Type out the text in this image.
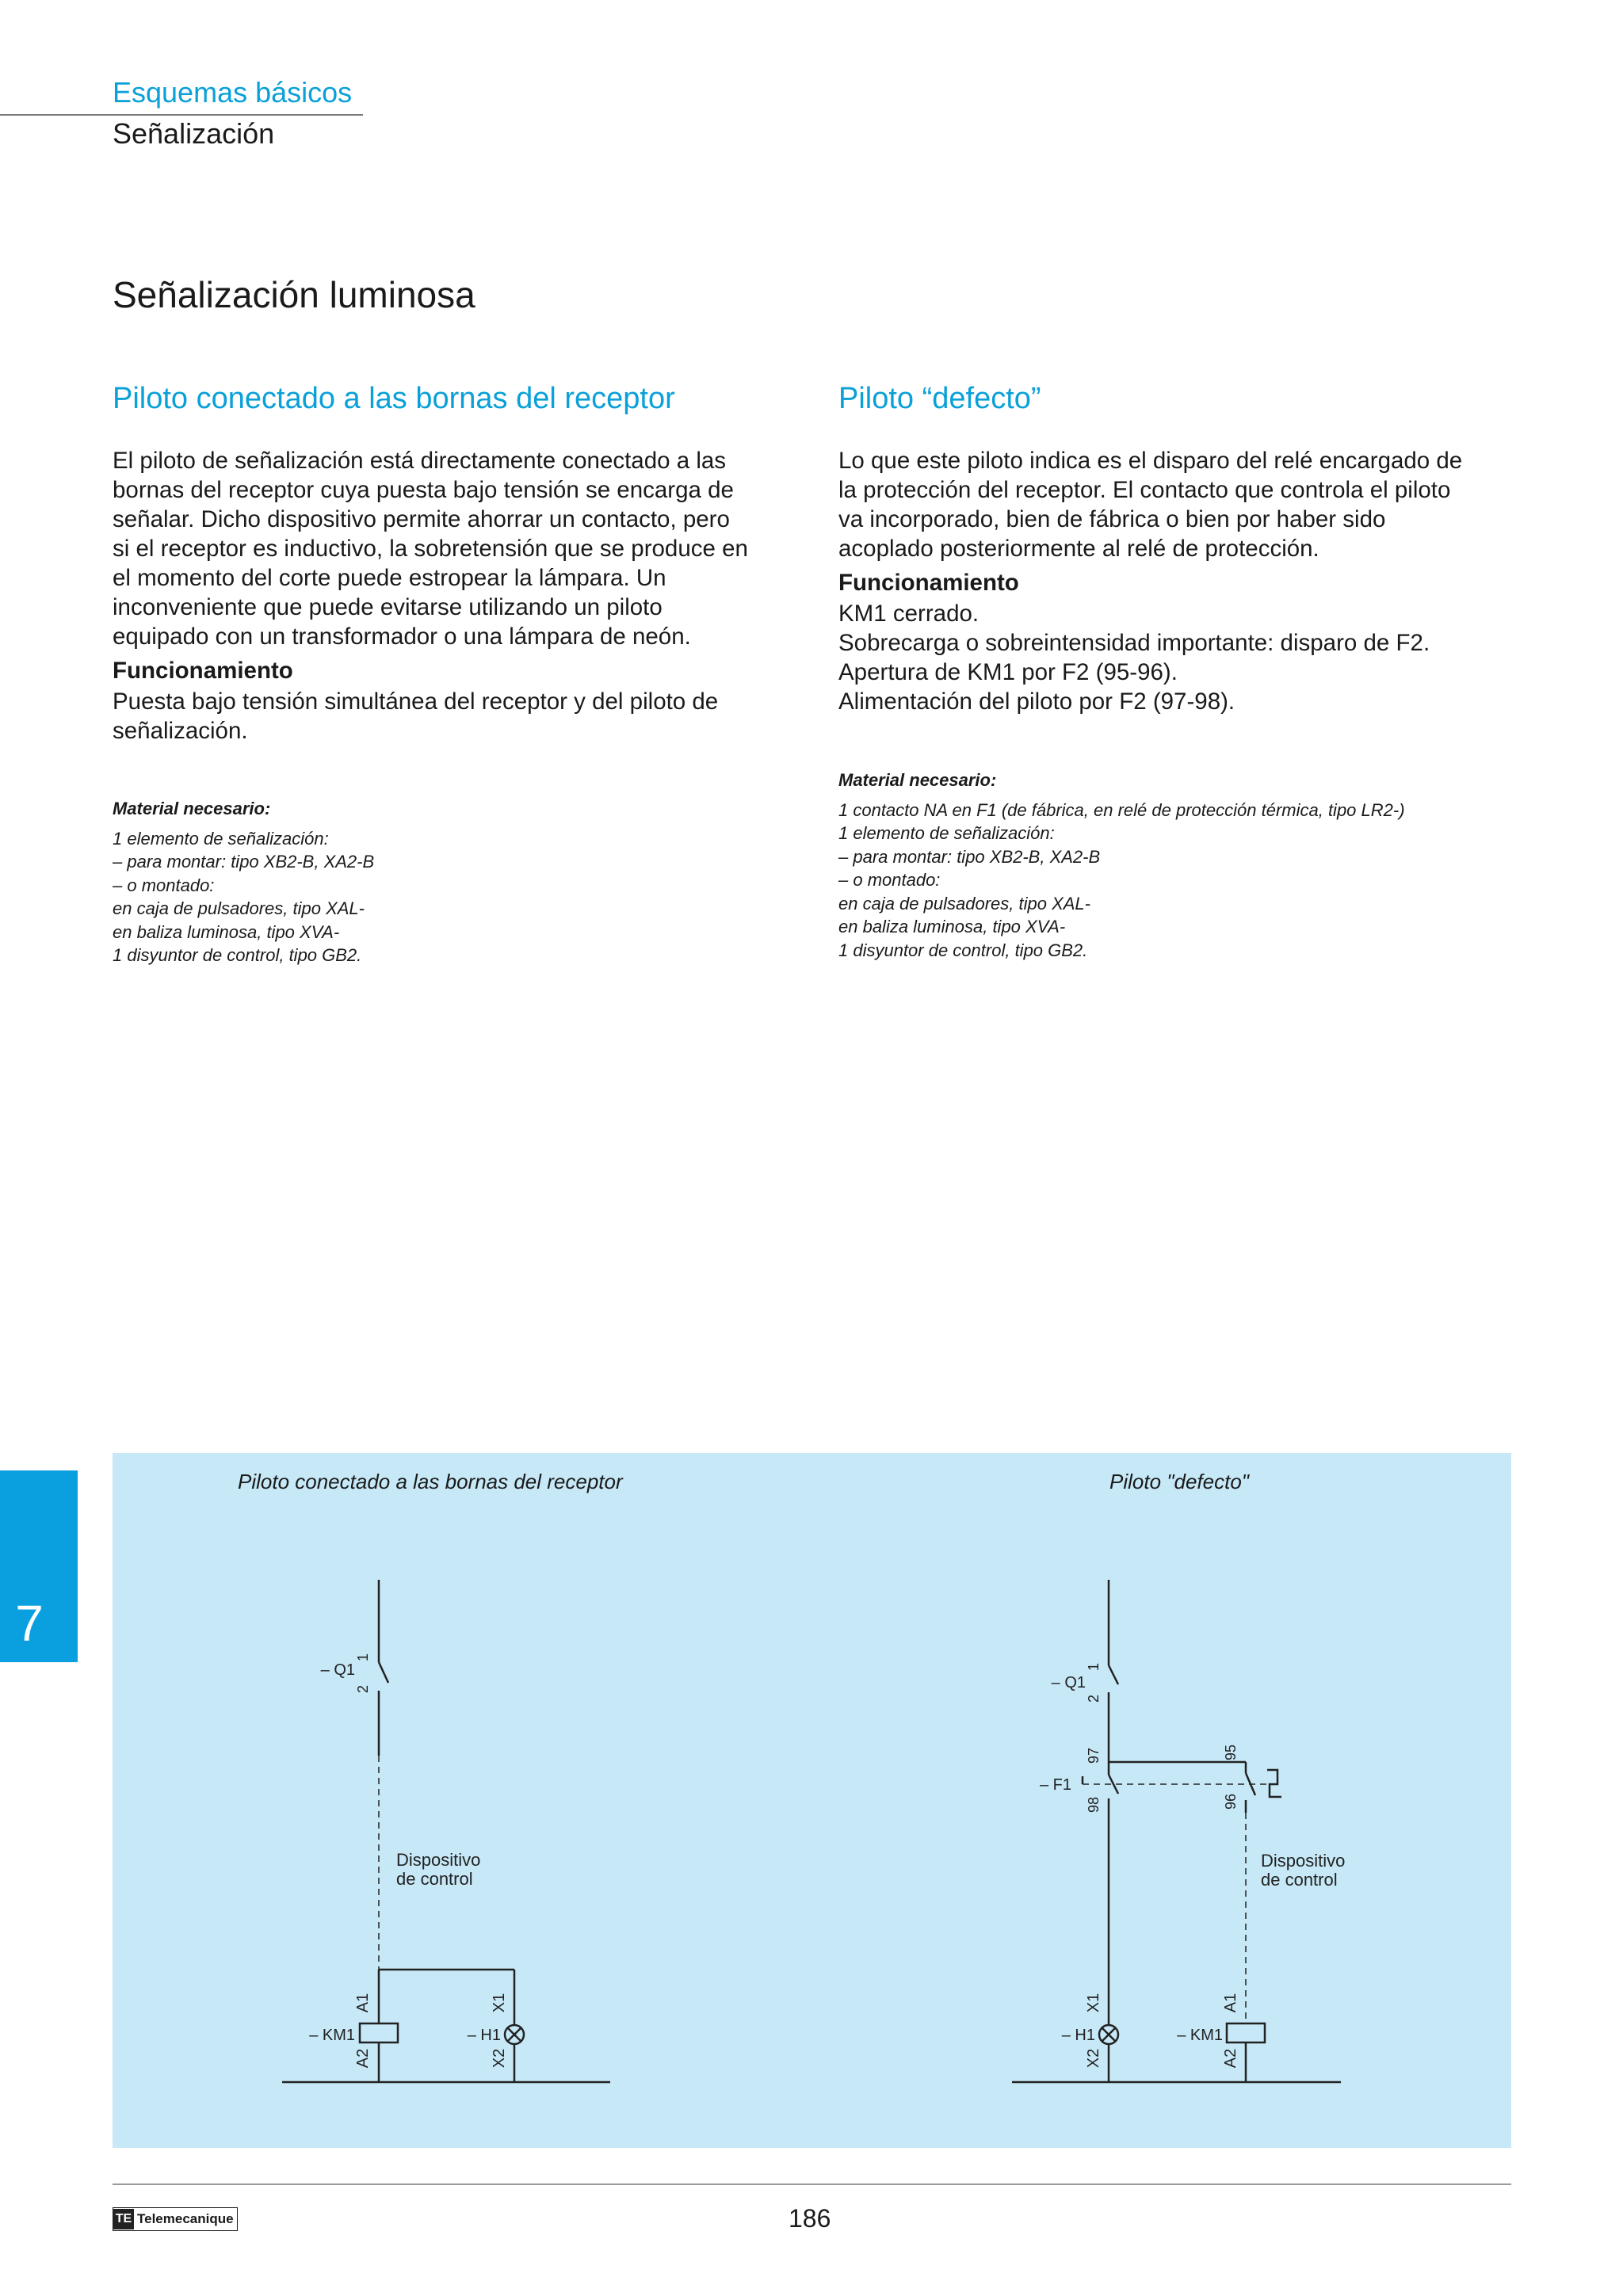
Esquemas básicos
Señalización
Señalización luminosa
Piloto conectado a las bornas del receptor

El piloto de señalización está directamente conectado a las

bornas del receptor cuya puesta bajo tensión se encarga de

señalar. Dicho dispositivo permite ahorrar un contacto, pero

si el receptor es inductivo, la sobretensión que se produce en

el momento del corte puede estropear la lámpara. Un

inconveniente que puede evitarse utilizando un piloto

equipado con un transformador o una lámpara de neón.

Funcionamiento

Puesta bajo tensión simultánea del receptor y del piloto de

señalización.

Material necesario:
1 elemento de señalización:
– para montar: tipo XB2-B, XA2-B
– o montado:
en caja de pulsadores, tipo XAL-
en baliza luminosa, tipo XVA-
1 disyuntor de control, tipo GB2.
Piloto “defecto”

Lo que este piloto indica es el disparo del relé encargado de

la protección del receptor. El contacto que controla el piloto

va incorporado, bien de fábrica o bien por haber sido

acoplado posteriormente al relé de protección.

Funcionamiento

KM1 cerrado.

Sobrecarga o sobreintensidad importante: disparo de F2.

Apertura de KM1 por F2 (95-96).

Alimentación del piloto por F2 (97-98).

Material necesario:
1 contacto NA en F1 (de fábrica, en relé de protección térmica, tipo LR2-)
1 elemento de señalización:
– para montar: tipo XB2-B, XA2-B
– o montado:
en caja de pulsadores, tipo XAL-
en baliza luminosa, tipo XVA-
1 disyuntor de control, tipo GB2.
Piloto conectado a las bornas del receptor	Piloto "defecto"
– Q1
1
2
Dispositivo
de control
A1
A2
– KM1
X1
X2
– H1
– Q1
1
2
– F1
97
98
95
96
Dispositivo
de control
X1
X2
– H1
A1
A2
– KM1
7
TE Telemecanique	186
